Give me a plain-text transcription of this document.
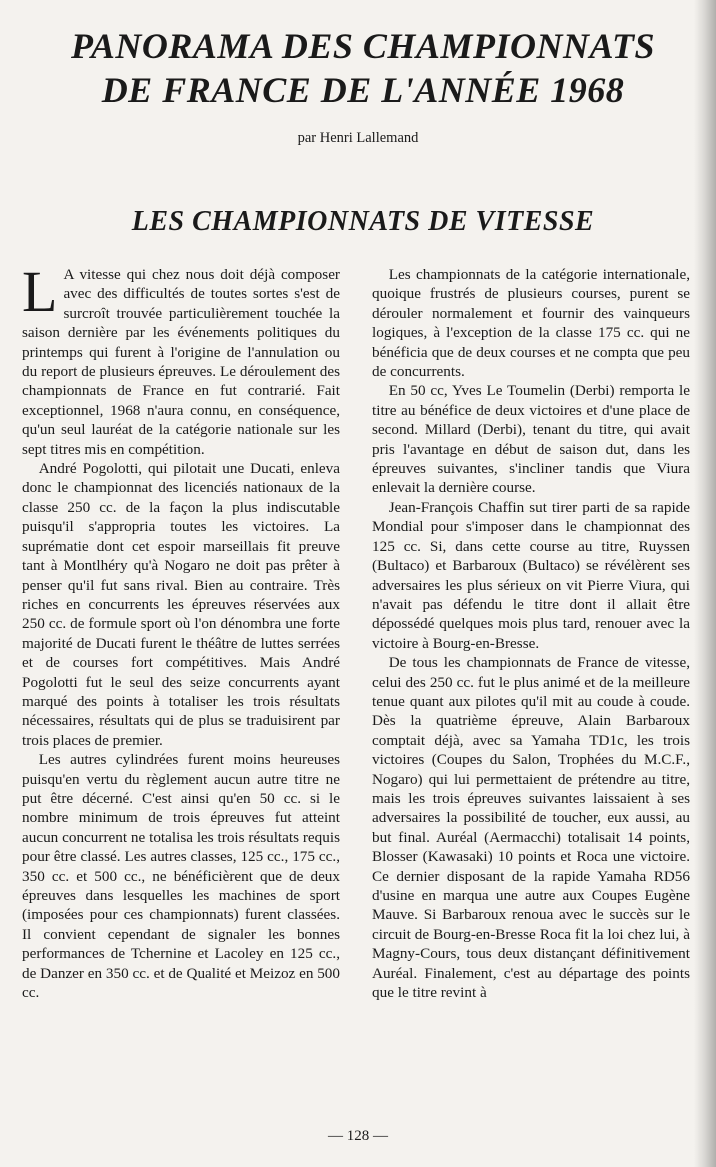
PANORAMA DES CHAMPIONNATS
DE FRANCE DE L'ANNÉE 1968

par Henri Lallemand

LES CHAMPIONNATS DE VITESSE

L A vitesse qui chez nous doit déjà composer avec des difficultés de toutes sortes s'est de surcroît trouvée particulièrement touchée la saison dernière par les événements politiques du printemps qui furent à l'origine de l'annulation ou du report de plusieurs épreuves. Le déroulement des championnats de France en fut contrarié. Fait exceptionnel, 1968 n'aura connu, en conséquence, qu'un seul lauréat de la catégorie nationale sur les sept titres mis en compétition.

André Pogolotti, qui pilotait une Ducati, enleva donc le championnat des licenciés nationaux de la classe 250 cc. de la façon la plus indiscutable puisqu'il s'appropria toutes les victoires. La suprématie dont cet espoir marseillais fit preuve tant à Montlhéry qu'à Nogaro ne doit pas prêter à penser qu'il fut sans rival. Bien au contraire. Très riches en concurrents les épreuves réservées aux 250 cc. de formule sport où l'on dénombra une forte majorité de Ducati furent le théâtre de luttes serrées et de courses fort compétitives. Mais André Pogolotti fut le seul des seize concurrents ayant marqué des points à totaliser les trois résultats nécessaires, résultats qui de plus se traduisirent par trois places de premier.

Les autres cylindrées furent moins heureuses puisqu'en vertu du règlement aucun autre titre ne put être décerné. C'est ainsi qu'en 50 cc. si le nombre minimum de trois épreuves fut atteint aucun concurrent ne totalisa les trois résultats requis pour être classé. Les autres classes, 125 cc., 175 cc., 350 cc. et 500 cc., ne bénéficièrent que de deux épreuves dans lesquelles les machines de sport (imposées pour ces championnats) furent classées. Il convient cependant de signaler les bonnes performances de Tchernine et Lacoley en 125 cc., de Danzer en 350 cc. et de Qualité et Meizoz en 500 cc.

Les championnats de la catégorie internationale, quoique frustrés de plusieurs courses, purent se dérouler normalement et fournir des vainqueurs logiques, à l'exception de la classe 175 cc. qui ne bénéficia que de deux courses et ne compta que peu de concurrents.

En 50 cc, Yves Le Toumelin (Derbi) remporta le titre au bénéfice de deux victoires et d'une place de second. Millard (Derbi), tenant du titre, qui avait pris l'avantage en début de saison dut, dans les épreuves suivantes, s'incliner tandis que Viura enlevait la dernière course.

Jean-François Chaffin sut tirer parti de sa rapide Mondial pour s'imposer dans le championnat des 125 cc. Si, dans cette course au titre, Ruyssen (Bultaco) et Barbaroux (Bultaco) se révélèrent ses adversaires les plus sérieux on vit Pierre Viura, qui n'avait pas défendu le titre dont il allait être dépossédé quelques mois plus tard, renouer avec la victoire à Bourg-en-Bresse.

De tous les championnats de France de vitesse, celui des 250 cc. fut le plus animé et de la meilleure tenue quant aux pilotes qu'il mit au coude à coude. Dès la quatrième épreuve, Alain Barbaroux comptait déjà, avec sa Yamaha TD1c, les trois victoires (Coupes du Salon, Trophées du M.C.F., Nogaro) qui lui permettaient de prétendre au titre, mais les trois épreuves suivantes laissaient à ses adversaires la possibilité de toucher, eux aussi, au but final. Auréal (Aermacchi) totalisait 14 points, Blosser (Kawasaki) 10 points et Roca une victoire. Ce dernier disposant de la rapide Yamaha RD56 d'usine en marqua une autre aux Coupes Eugène Mauve. Si Barbaroux renoua avec le succès sur le circuit de Bourg-en-Bresse Roca fit la loi chez lui, à Magny-Cours, tous deux distançant définitivement Auréal. Finalement, c'est au départage des points que le titre revint à

— 128 —
